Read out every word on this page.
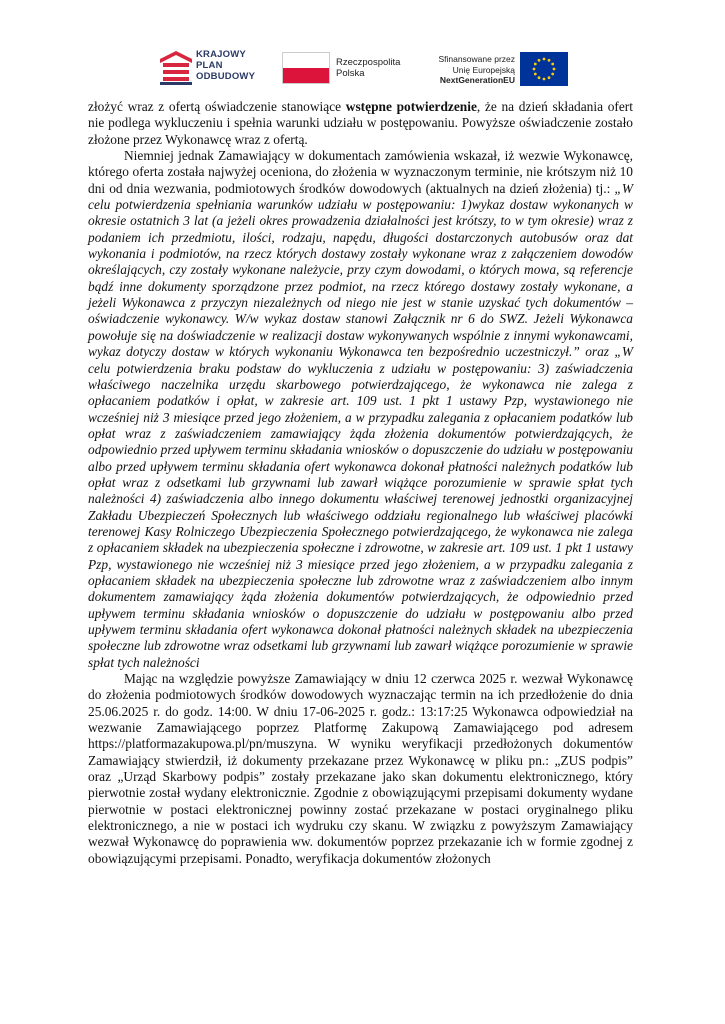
KRAJOWY
PLAN
ODBUDOWY
Rzeczpospolita
Polska
Sfinansowane przez
Unię Europejską
NextGenerationEU

złożyć wraz z ofertą oświadczenie stanowiące wstępne potwierdzenie, że na dzień składania ofert nie podlega wykluczeniu i spełnia warunki udziału w postępowaniu. Powyższe oświadczenie zostało złożone przez Wykonawcę wraz z ofertą.

Niemniej jednak Zamawiający w dokumentach zamówienia wskazał, iż wezwie Wykonawcę, którego oferta została najwyżej oceniona, do złożenia w wyznaczonym terminie, nie krótszym niż 10 dni od dnia wezwania, podmiotowych środków dowodowych (aktualnych na dzień złożenia) tj.: „W celu potwierdzenia spełniania warunków udziału w postępowaniu: 1)wykaz dostaw wykonanych w okresie ostatnich 3 lat (a jeżeli okres prowadzenia działalności jest krótszy, to w tym okresie) wraz z podaniem ich przedmiotu, ilości, rodzaju, napędu, długości dostarczonych autobusów oraz dat wykonania i podmiotów, na rzecz których dostawy zostały wykonane wraz z załączeniem dowodów określających, czy zostały wykonane należycie, przy czym dowodami, o których mowa, są referencje bądź inne dokumenty sporządzone przez podmiot, na rzecz którego dostawy zostały wykonane, a jeżeli Wykonawca z przyczyn niezależnych od niego nie jest w stanie uzyskać tych dokumentów – oświadczenie wykonawcy. W/w wykaz dostaw stanowi Załącznik nr 6 do SWZ. Jeżeli Wykonawca powołuje się na doświadczenie w realizacji dostaw wykonywanych wspólnie z innymi wykonawcami, wykaz dotyczy dostaw w których wykonaniu Wykonawca ten bezpośrednio uczestniczył.” oraz „W celu potwierdzenia braku podstaw do wykluczenia z udziału w postępowaniu: 3) zaświadczenia właściwego naczelnika urzędu skarbowego potwierdzającego, że wykonawca nie zalega z opłacaniem podatków i opłat, w zakresie art. 109 ust. 1 pkt 1 ustawy Pzp, wystawionego nie wcześniej niż 3 miesiące przed jego złożeniem, a w przypadku zalegania z opłacaniem podatków lub opłat wraz z zaświadczeniem zamawiający żąda złożenia dokumentów potwierdzających, że odpowiednio przed upływem terminu składania wniosków o dopuszczenie do udziału w postępowaniu albo przed upływem terminu składania ofert wykonawca dokonał płatności należnych podatków lub opłat wraz z odsetkami lub grzywnami lub zawarł wiążące porozumienie w sprawie spłat tych należności 4) zaświadczenia albo innego dokumentu właściwej terenowej jednostki organizacyjnej Zakładu Ubezpieczeń Społecznych lub właściwego oddziału regionalnego lub właściwej placówki terenowej Kasy Rolniczego Ubezpieczenia Społecznego potwierdzającego, że wykonawca nie zalega z opłacaniem składek na ubezpieczenia społeczne i zdrowotne, w zakresie art. 109 ust. 1 pkt 1 ustawy Pzp, wystawionego nie wcześniej niż 3 miesiące przed jego złożeniem, a w przypadku zalegania z opłacaniem składek na ubezpieczenia społeczne lub zdrowotne wraz z zaświadczeniem albo innym dokumentem zamawiający żąda złożenia dokumentów potwierdzających, że odpowiednio przed upływem terminu składania wniosków o dopuszczenie do udziału w postępowaniu albo przed upływem terminu składania ofert wykonawca dokonał płatności należnych składek na ubezpieczenia społeczne lub zdrowotne wraz odsetkami lub grzywnami lub zawarł wiążące porozumienie w sprawie spłat tych należności

Mając na względzie powyższe Zamawiający w dniu 12 czerwca 2025 r. wezwał Wykonawcę do złożenia podmiotowych środków dowodowych wyznaczając termin na ich przedłożenie do dnia 25.06.2025 r. do godz. 14:00. W dniu 17-06-2025 r. godz.: 13:17:25 Wykonawca odpowiedział na wezwanie Zamawiającego poprzez Platformę Zakupową Zamawiającego pod adresem https://platformazakupowa.pl/pn/muszyna. W wyniku weryfikacji przedłożonych dokumentów Zamawiający stwierdził, iż dokumenty przekazane przez Wykonawcę w pliku pn.: „ZUS podpis” oraz „Urząd Skarbowy podpis” zostały przekazane jako skan dokumentu elektronicznego, który pierwotnie został wydany elektronicznie. Zgodnie z obowiązującymi przepisami dokumenty wydane pierwotnie w postaci elektronicznej powinny zostać przekazane w postaci oryginalnego pliku elektronicznego, a nie w postaci ich wydruku czy skanu. W związku z powyższym Zamawiający wezwał Wykonawcę do poprawienia ww. dokumentów poprzez przekazanie ich w formie zgodnej z obowiązującymi przepisami. Ponadto, weryfikacja dokumentów złożonych
